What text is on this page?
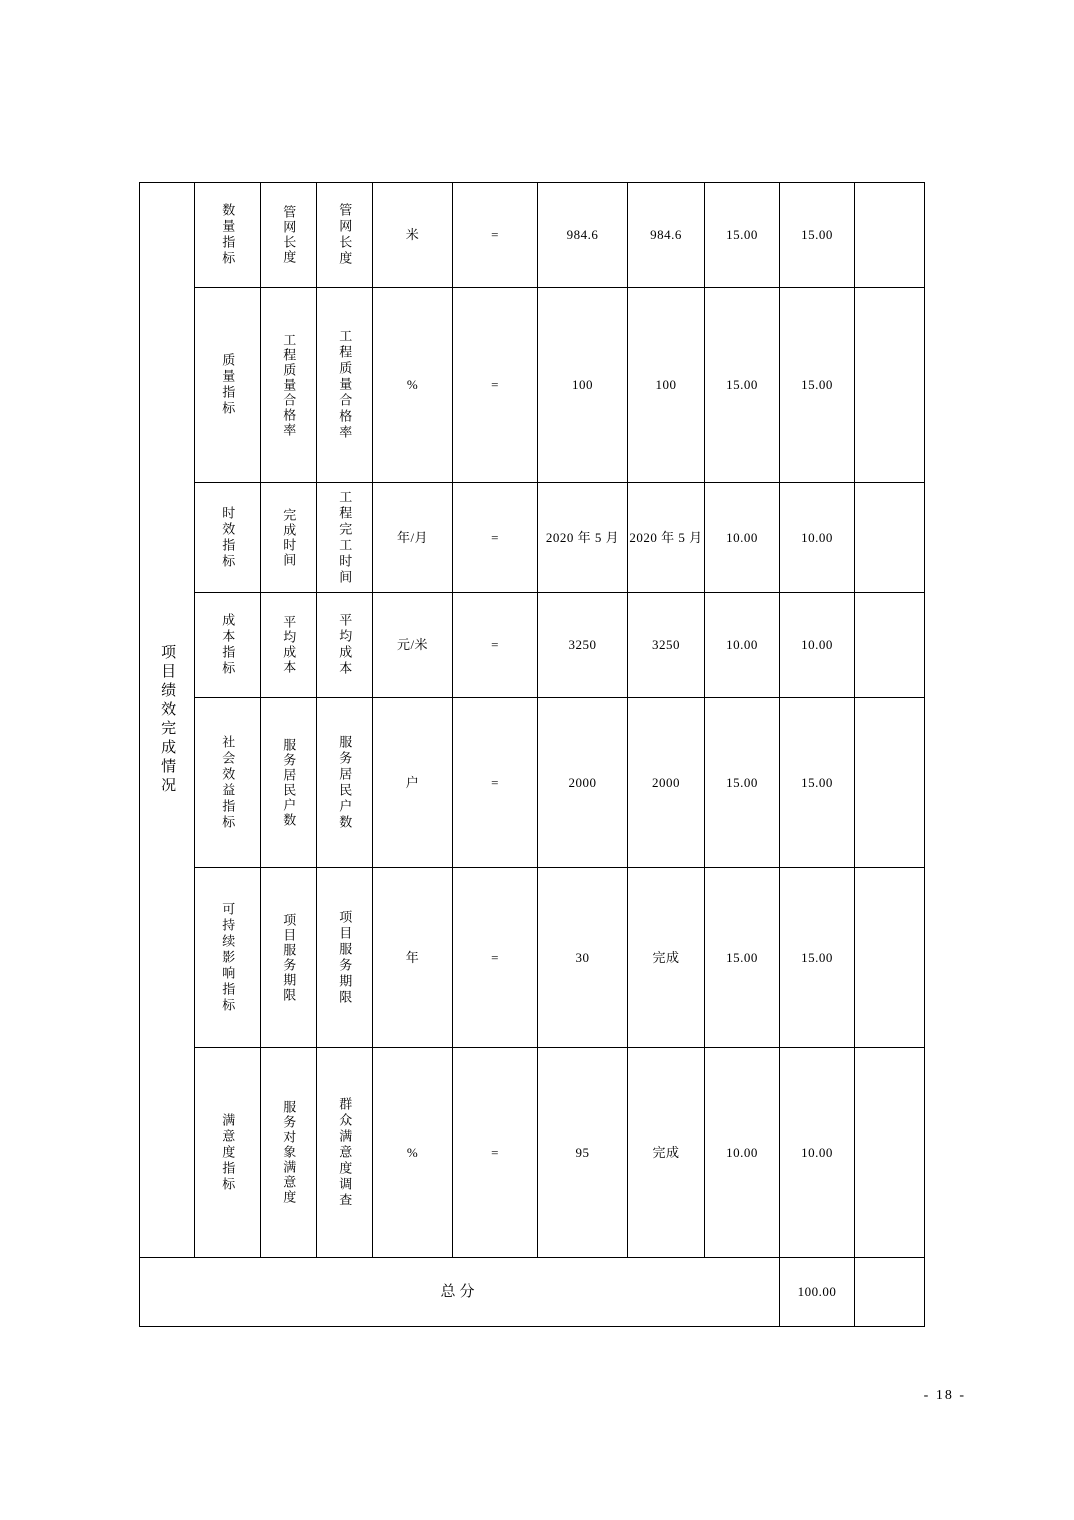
项目绩效完成情况	数量指标	管网长度	管网长度	米	=	984.6	984.6	15.00	15.00	

	质量指标	工程质量合格率	工程质量合格率	%	=	100	100	15.00	15.00	

	时效指标	完成时间	工程完工时间	年/月	=	2020 年 5 月	2020 年 5 月	10.00	10.00	

	成本指标	平均成本	平均成本	元/米	=	3250	3250	10.00	10.00	

	社会效益指标	服务居民户数	服务居民户数	户	=	2000	2000	15.00	15.00	

	可持续影响指标	项目服务期限	项目服务期限	年	=	30	完成	15.00	15.00	

	满意度指标	服务对象满意度	群众满意度调查	%	=	95	完成	10.00	10.00	
总分									100.00	
- 18 -
